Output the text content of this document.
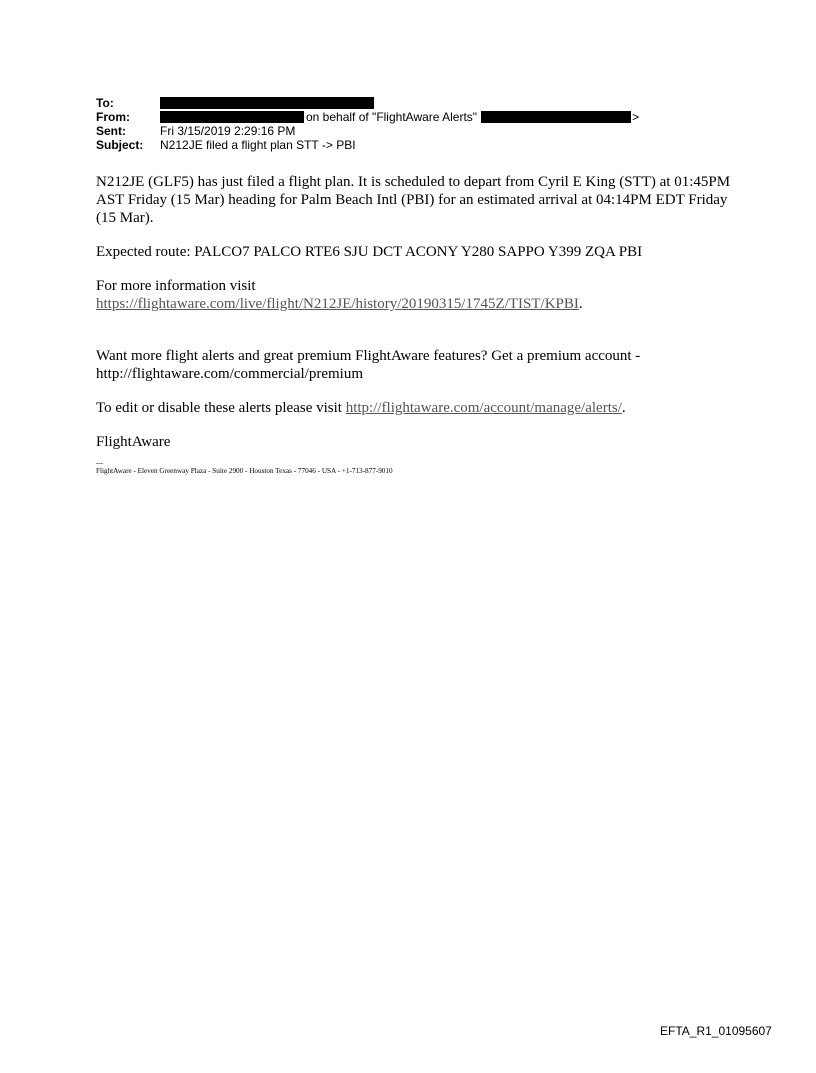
To:
From:	on behalf of "FlightAware Alerts"	>
Sent:	Fri 3/15/2019 2:29:16 PM
Subject:	N212JE filed a flight plan STT -> PBI

N212JE (GLF5) has just filed a flight plan. It is scheduled to depart from Cyril E King (STT) at 01:45PM AST Friday (15 Mar) heading for Palm Beach Intl (PBI) for an estimated arrival at 04:14PM EDT Friday (15 Mar).

Expected route: PALCO7 PALCO RTE6 SJU DCT ACONY Y280 SAPPO Y399 ZQA PBI

For more information visit

https://flightaware.com/live/flight/N212JE/history/20190315/1745Z/TIST/KPBI.

Want more flight alerts and great premium FlightAware features? Get a premium account - http://flightaware.com/commercial/premium

To edit or disable these alerts please visit http://flightaware.com/account/manage/alerts/.

FlightAware

---
FlightAware - Eleven Greenway Plaza - Suite 2900 - Houston Texas - 77046 - USA - +1-713-877-9010
EFTA_R1_01095607
